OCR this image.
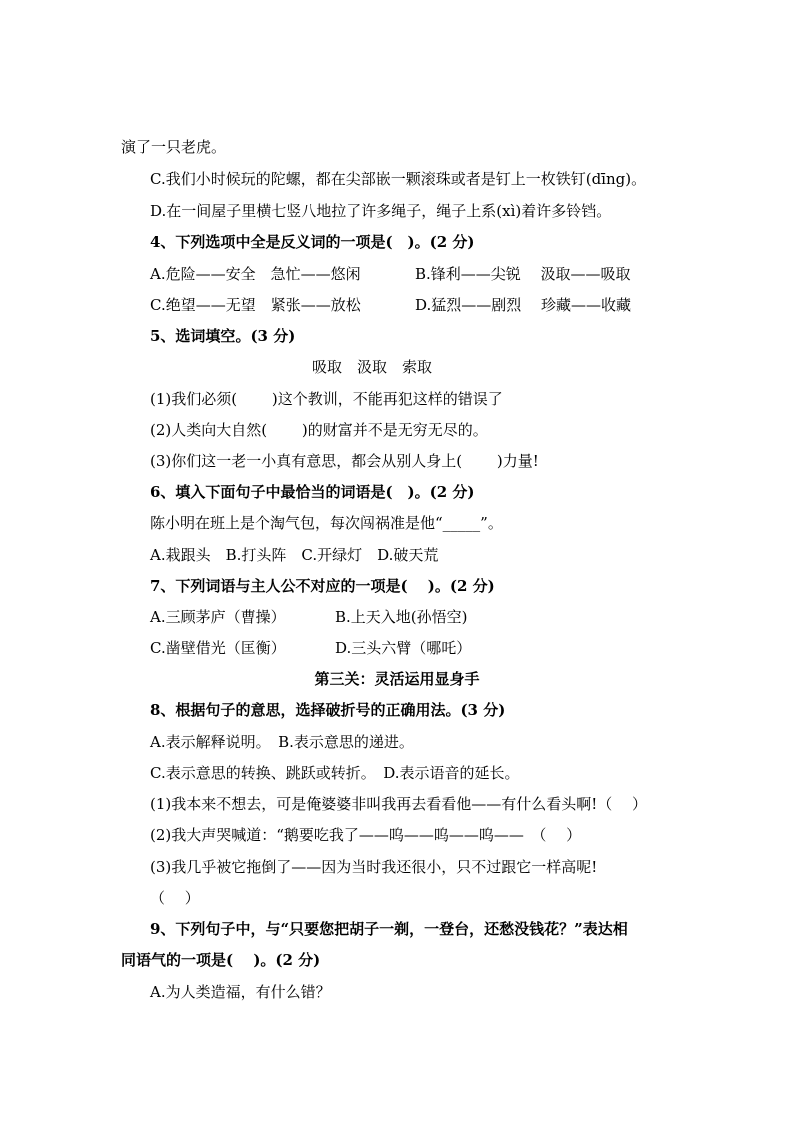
演了一只老虎。
C.我们小时候玩的陀螺，都在尖部嵌一颗滚珠或者是钉上一枚铁钉(dīng)。
D.在一间屋子里横七竖八地拉了许多绳子，绳子上系(xì)着许多铃铛。
4、下列选项中全是反义词的一项是(　)。(2 分)
A.危险——安全　急忙——悠闲	B.锋利——尖锐　 汲取——吸取
C.绝望——无望　紧张——放松	D.猛烈——剧烈　 珍藏——收藏
5、选词填空。(3 分)
吸取　汲取　索取
(1)我们必须(　　 )这个教训，不能再犯这样的错误了
(2)人类向大自然(　　 )的财富并不是无穷无尽的。
(3)你们这一老一小真有意思，都会从别人身上(　　 )力量!
6、填入下面句子中最恰当的词语是(　)。(2 分)
陈小明在班上是个淘气包，每次闯祸准是他“_____”。
A.栽跟头　B.打头阵　C.开绿灯　D.破天荒
7、下列词语与主人公不对应的一项是(　 )。(2 分)
A.三顾茅庐（曹操）	B.上天入地(孙悟空)
C.凿壁借光（匡衡）	D.三头六臂（哪吒）
第三关：灵活运用显身手
8、根据句子的意思，选择破折号的正确用法。(3 分)
A.表示解释说明。　B.表示意思的递进。
C.表示意思的转换、跳跃或转折。　D.表示语音的延长。
(1)我本来不想去，可是俺婆婆非叫我再去看看他——有什么看头啊!（　 ）
(2)我大声哭喊道：“鹅要吃我了——呜——呜——呜——　（　 ）
(3)我几乎被它拖倒了——因为当时我还很小，只不过跟它一样高呢!
（　 ）
9、下列句子中，与“只要您把胡子一剃，一登台，还愁没钱花？”表达相
同语气的一项是(　 )。(2 分)
A.为人类造福，有什么错？
